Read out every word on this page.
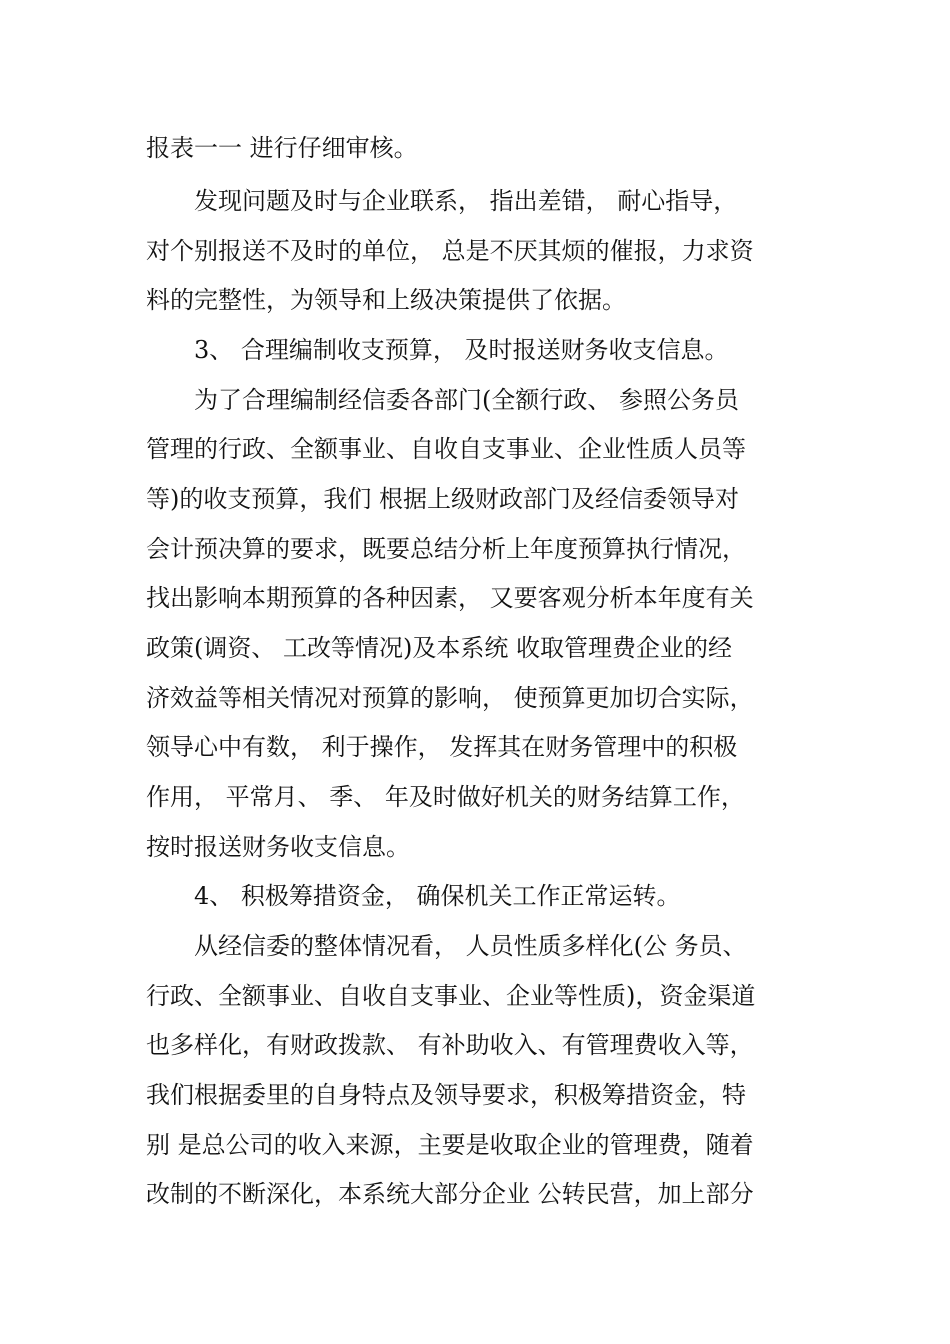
报表一一 进行仔细审核。
发现问题及时与企业联系， 指出差错， 耐心指导，
对个别报送不及时的单位， 总是不厌其烦的催报，力求资
料的完整性，为领导和上级决策提供了依据。
3、 合理编制收支预算， 及时报送财务收支信息。
为了合理编制经信委各部门(全额行政、 参照公务员
管理的行政、全额事业、自收自支事业、企业性质人员等
等)的收支预算，我们 根据上级财政部门及经信委领导对
会计预决算的要求，既要总结分析上年度预算执行情况，
找出影响本期预算的各种因素， 又要客观分析本年度有关
政策(调资、 工改等情况)及本系统 收取管理费企业的经
济效益等相关情况对预算的影响， 使预算更加切合实际，
领导心中有数， 利于操作， 发挥其在财务管理中的积极
作用， 平常月、 季、 年及时做好机关的财务结算工作，
按时报送财务收支信息。
4、 积极筹措资金， 确保机关工作正常运转。
从经信委的整体情况看， 人员性质多样化(公 务员、
行政、全额事业、自收自支事业、企业等性质)，资金渠道
也多样化，有财政拨款、 有补助收入、有管理费收入等，
我们根据委里的自身特点及领导要求，积极筹措资金，特
别 是总公司的收入来源，主要是收取企业的管理费，随着
改制的不断深化，本系统大部分企业 公转民营，加上部分
